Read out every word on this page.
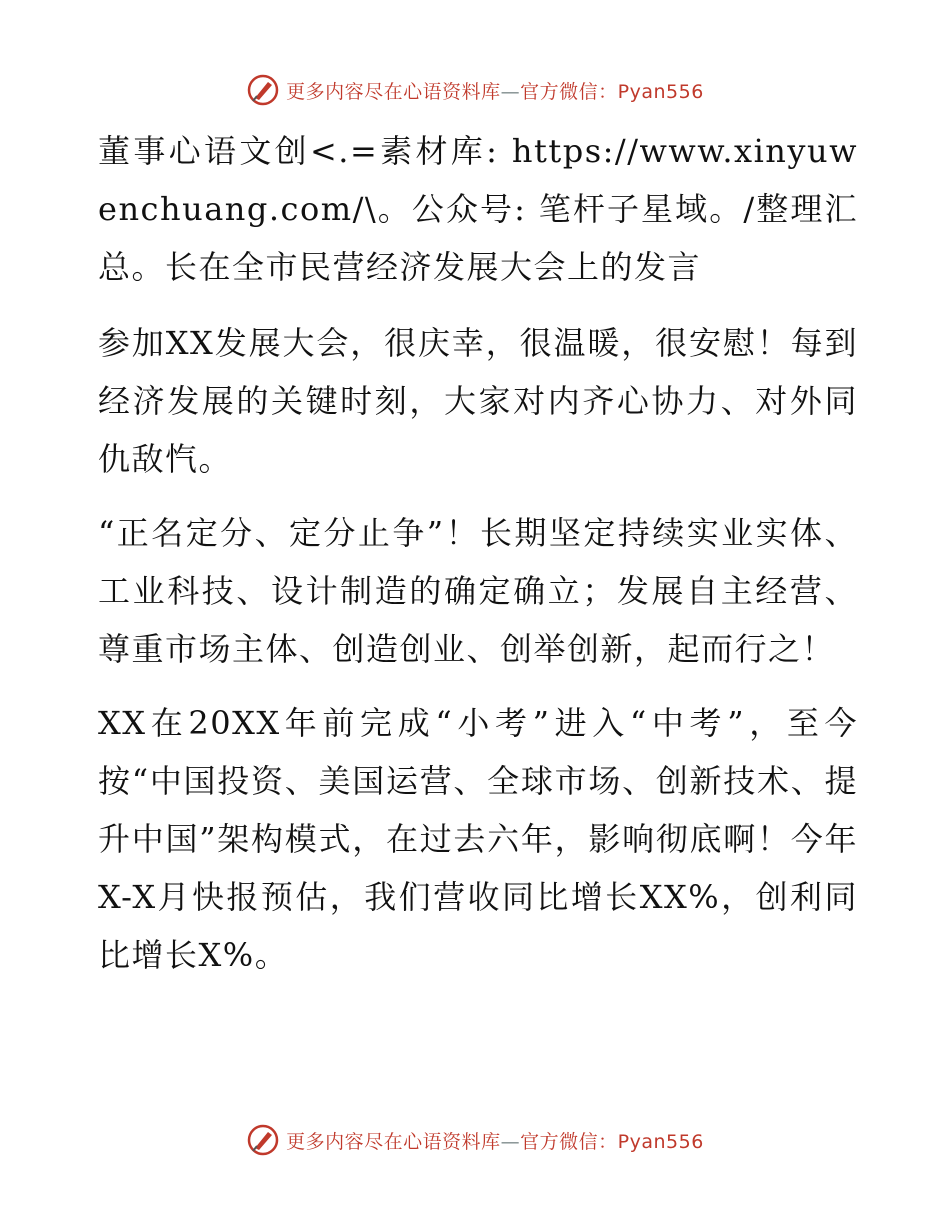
更多内容尽在心语资料库—官方微信：Pyan556

董事心语文创<.=素材库: https://www.xinyuwenchuang.com/\。公众号: 笔杆子星域。/整理汇总。长在全市民营经济发展大会上的发言

参加XX发展大会，很庆幸，很温暖，很安慰！每到经济发展的关键时刻，大家对内齐心协力、对外同仇敌忾。

“正名定分、定分止争”！长期坚定持续实业实体、工业科技、设计制造的确定确立；发展自主经营、尊重市场主体、创造创业、创举创新，起而行之！

XX在20XX年前完成“小考”进入“中考”，至今按“中国投资、美国运营、全球市场、创新技术、提升中国”架构模式，在过去六年，影响彻底啊！今年X-X月快报预估，我们营收同比增长XX%，创利同比增长X%。

更多内容尽在心语资料库—官方微信：Pyan556
